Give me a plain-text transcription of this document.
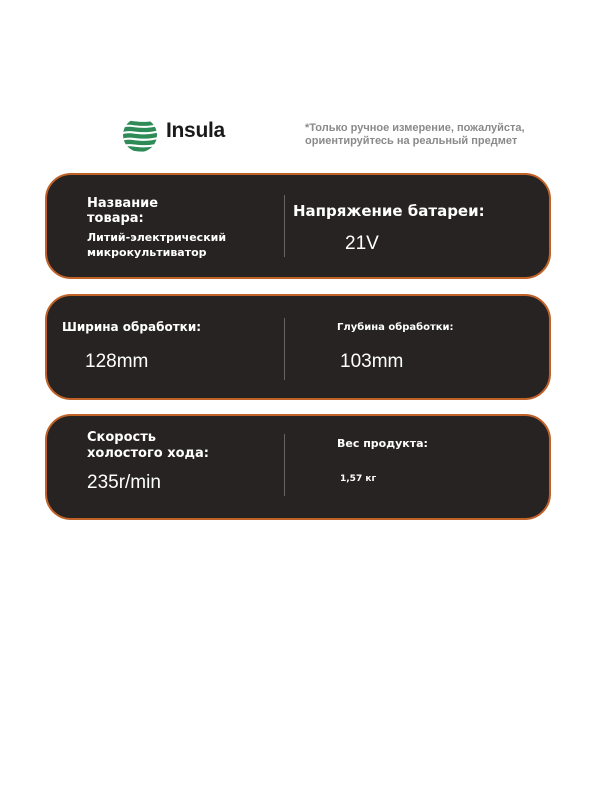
Insula	*Только ручное измерение, пожалуйста,
ориентируйтесь на реальный предмет
Название
товара:
Литий-электрический
микрокультиватор
Напряжение батареи:
21V
Ширина обработки:
128mm
Глубина обработки:
103mm
Скорость
холостого хода:
235r/min
Вес продукта:
1,57 кг
